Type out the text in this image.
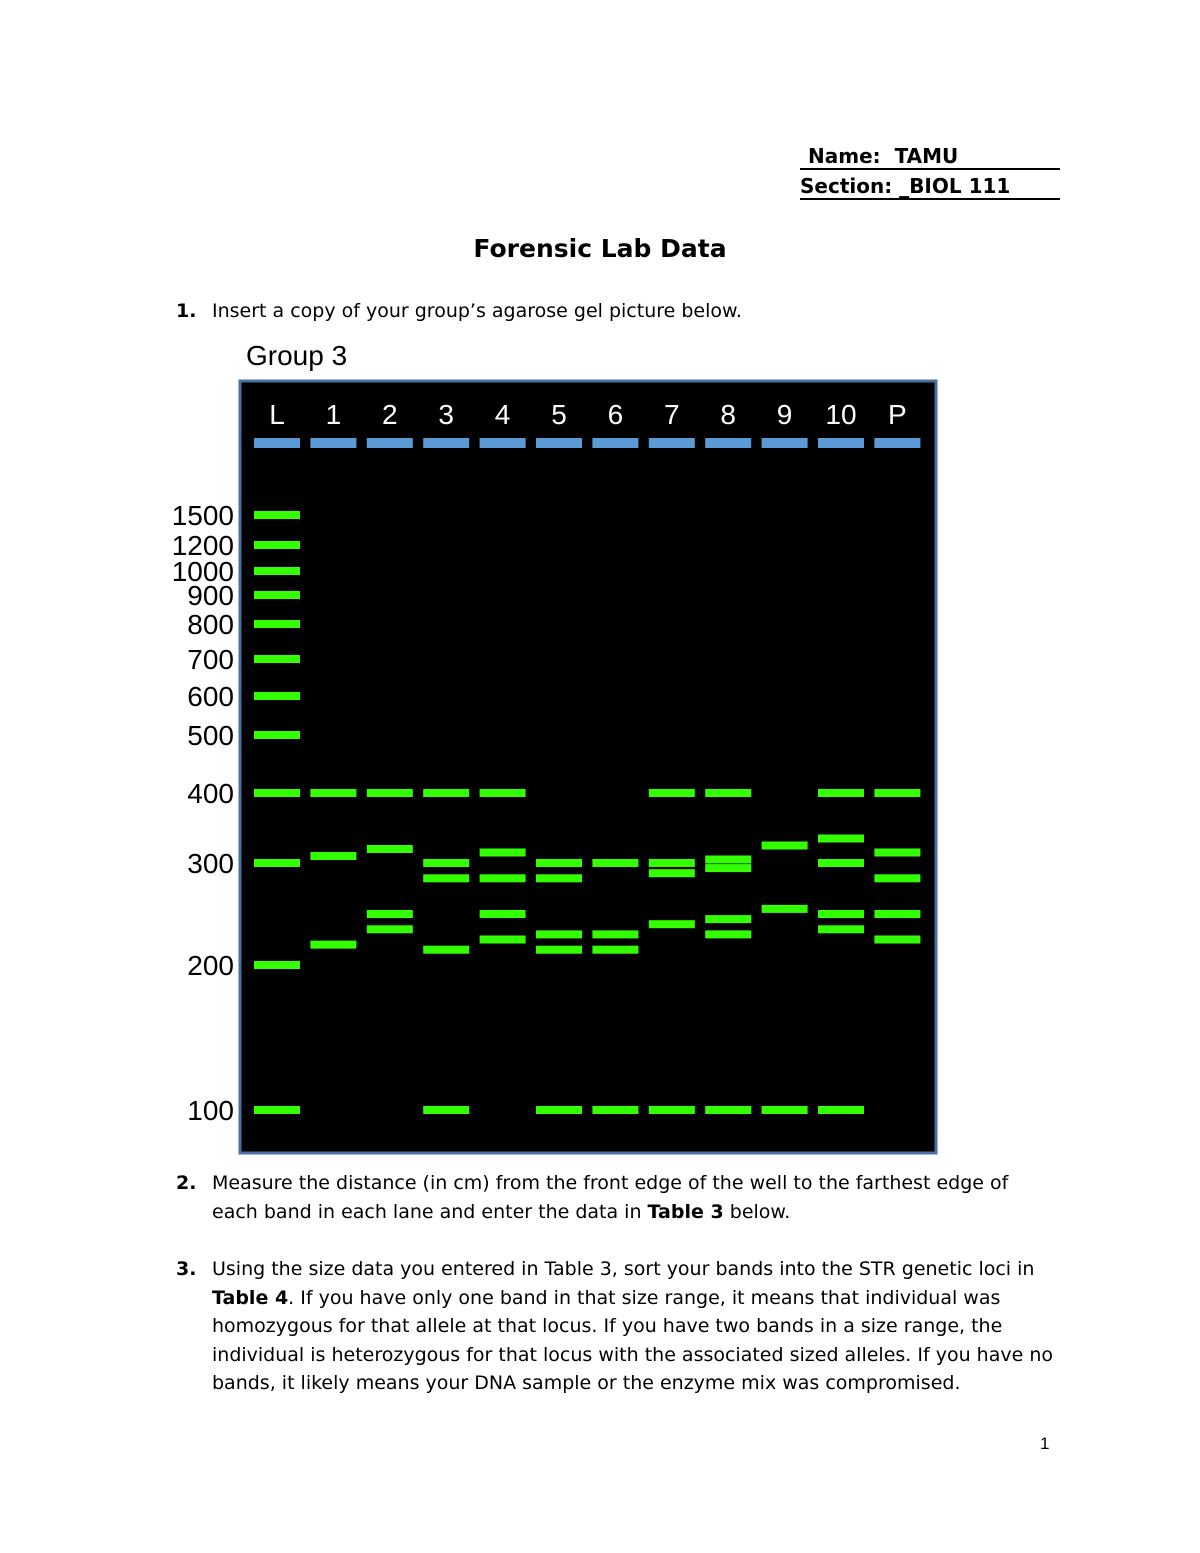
Name: TAMU
Section: _BIOL 111
Forensic Lab Data
1. Insert a copy of your group’s agarose gel picture below.
Group 3
L 1 2 3 4 5 6 7 8 9 10 P
1500
1200
1000
900
800
700
600
500
400
300
200
100
2. Measure the distance (in cm) from the front edge of the well to the farthest edge of each band in each lane and enter the data in Table 3 below.
3. Using the size data you entered in Table 3, sort your bands into the STR genetic loci in Table 4. If you have only one band in that size range, it means that individual was homozygous for that allele at that locus. If you have two bands in a size range, the individual is heterozygous for that locus with the associated sized alleles. If you have no bands, it likely means your DNA sample or the enzyme mix was compromised.
1
